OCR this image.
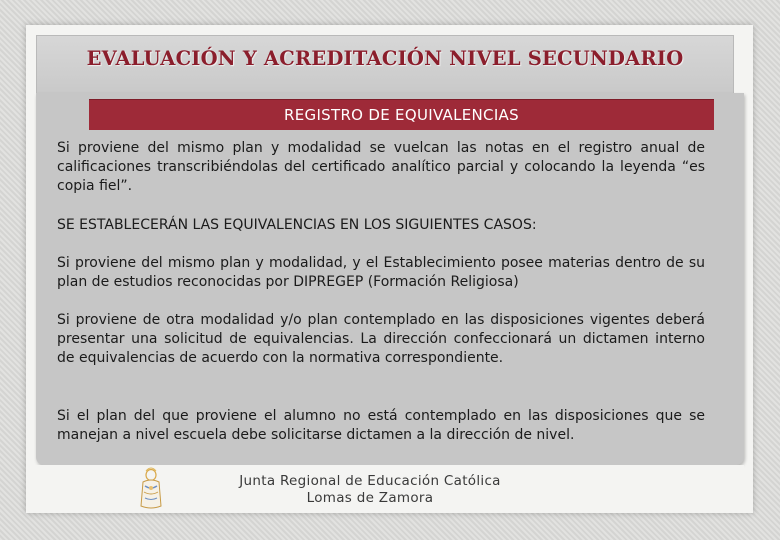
EVALUACIÓN Y ACREDITACIÓN NIVEL SECUNDARIO
REGISTRO DE EQUIVALENCIAS

Si proviene del mismo plan y modalidad se vuelcan las notas en el registro anual de calificaciones transcribiéndolas del certificado analítico parcial y colocando la leyenda “es copia fiel”.

SE ESTABLECERÁN LAS EQUIVALENCIAS EN LOS SIGUIENTES CASOS:

Si proviene del mismo plan y modalidad, y el Establecimiento posee materias dentro de su plan de estudios reconocidas por DIPREGEP (Formación Religiosa)

Si proviene de otra modalidad y/o plan contemplado en las disposiciones vigentes deberá presentar una solicitud de equivalencias. La dirección confeccionará un dictamen interno de equivalencias de acuerdo con la normativa correspondiente.

Si el plan del que proviene el alumno no está contemplado en las disposiciones que se manejan a nivel escuela debe solicitarse dictamen a la dirección de nivel.

Junta Regional de Educación Católica

Lomas de Zamora
